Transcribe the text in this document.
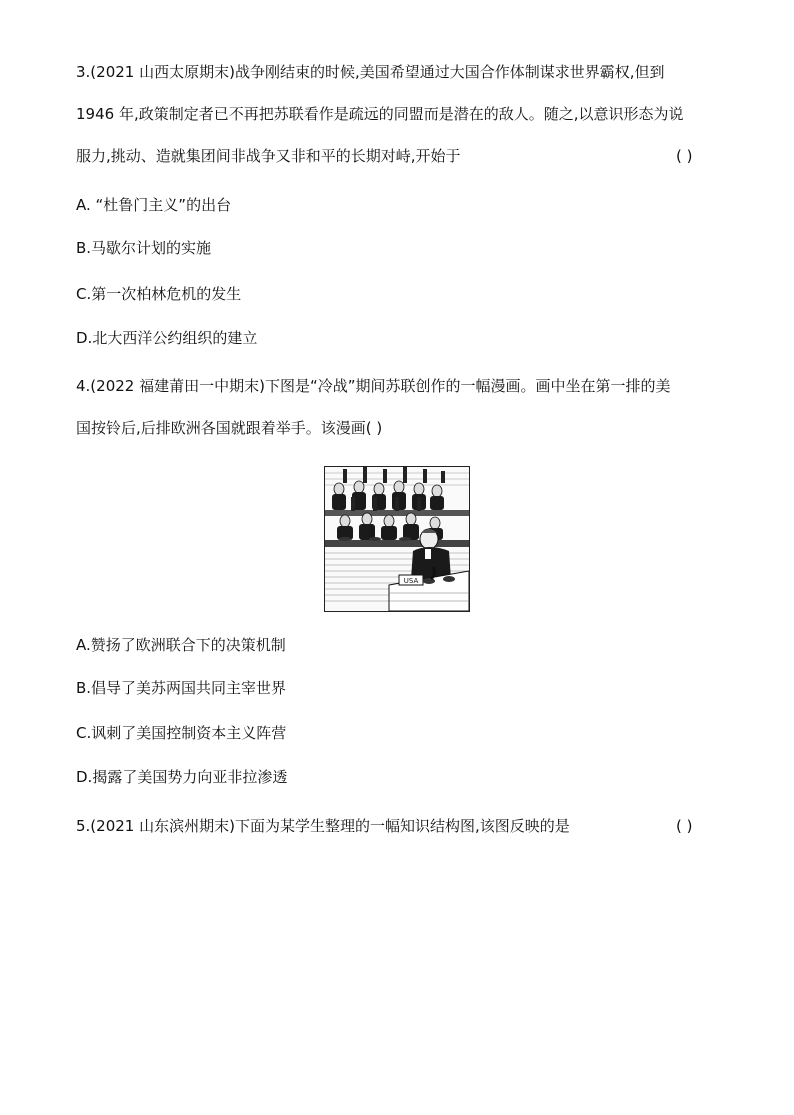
3.(2021 山西太原期末)战争刚结束的时候,美国希望通过大国合作体制谋求世界霸权,但到
1946 年,政策制定者已不再把苏联看作是疏远的同盟而是潜在的敌人。随之,以意识形态为说
服力,挑动、造就集团间非战争又非和平的长期对峙,开始于	( )
A. “杜鲁门主义”的出台
B.马歇尔计划的实施
C.第一次柏林危机的发生
D.北大西洋公约组织的建立
4.(2022 福建莆田一中期末)下图是“冷战”期间苏联创作的一幅漫画。画中坐在第一排的美
国按铃后,后排欧洲各国就跟着举手。该漫画( )
USA
A.赞扬了欧洲联合下的决策机制
B.倡导了美苏两国共同主宰世界
C.讽刺了美国控制资本主义阵营
D.揭露了美国势力向亚非拉渗透
5.(2021 山东滨州期末)下面为某学生整理的一幅知识结构图,该图反映的是	( )
